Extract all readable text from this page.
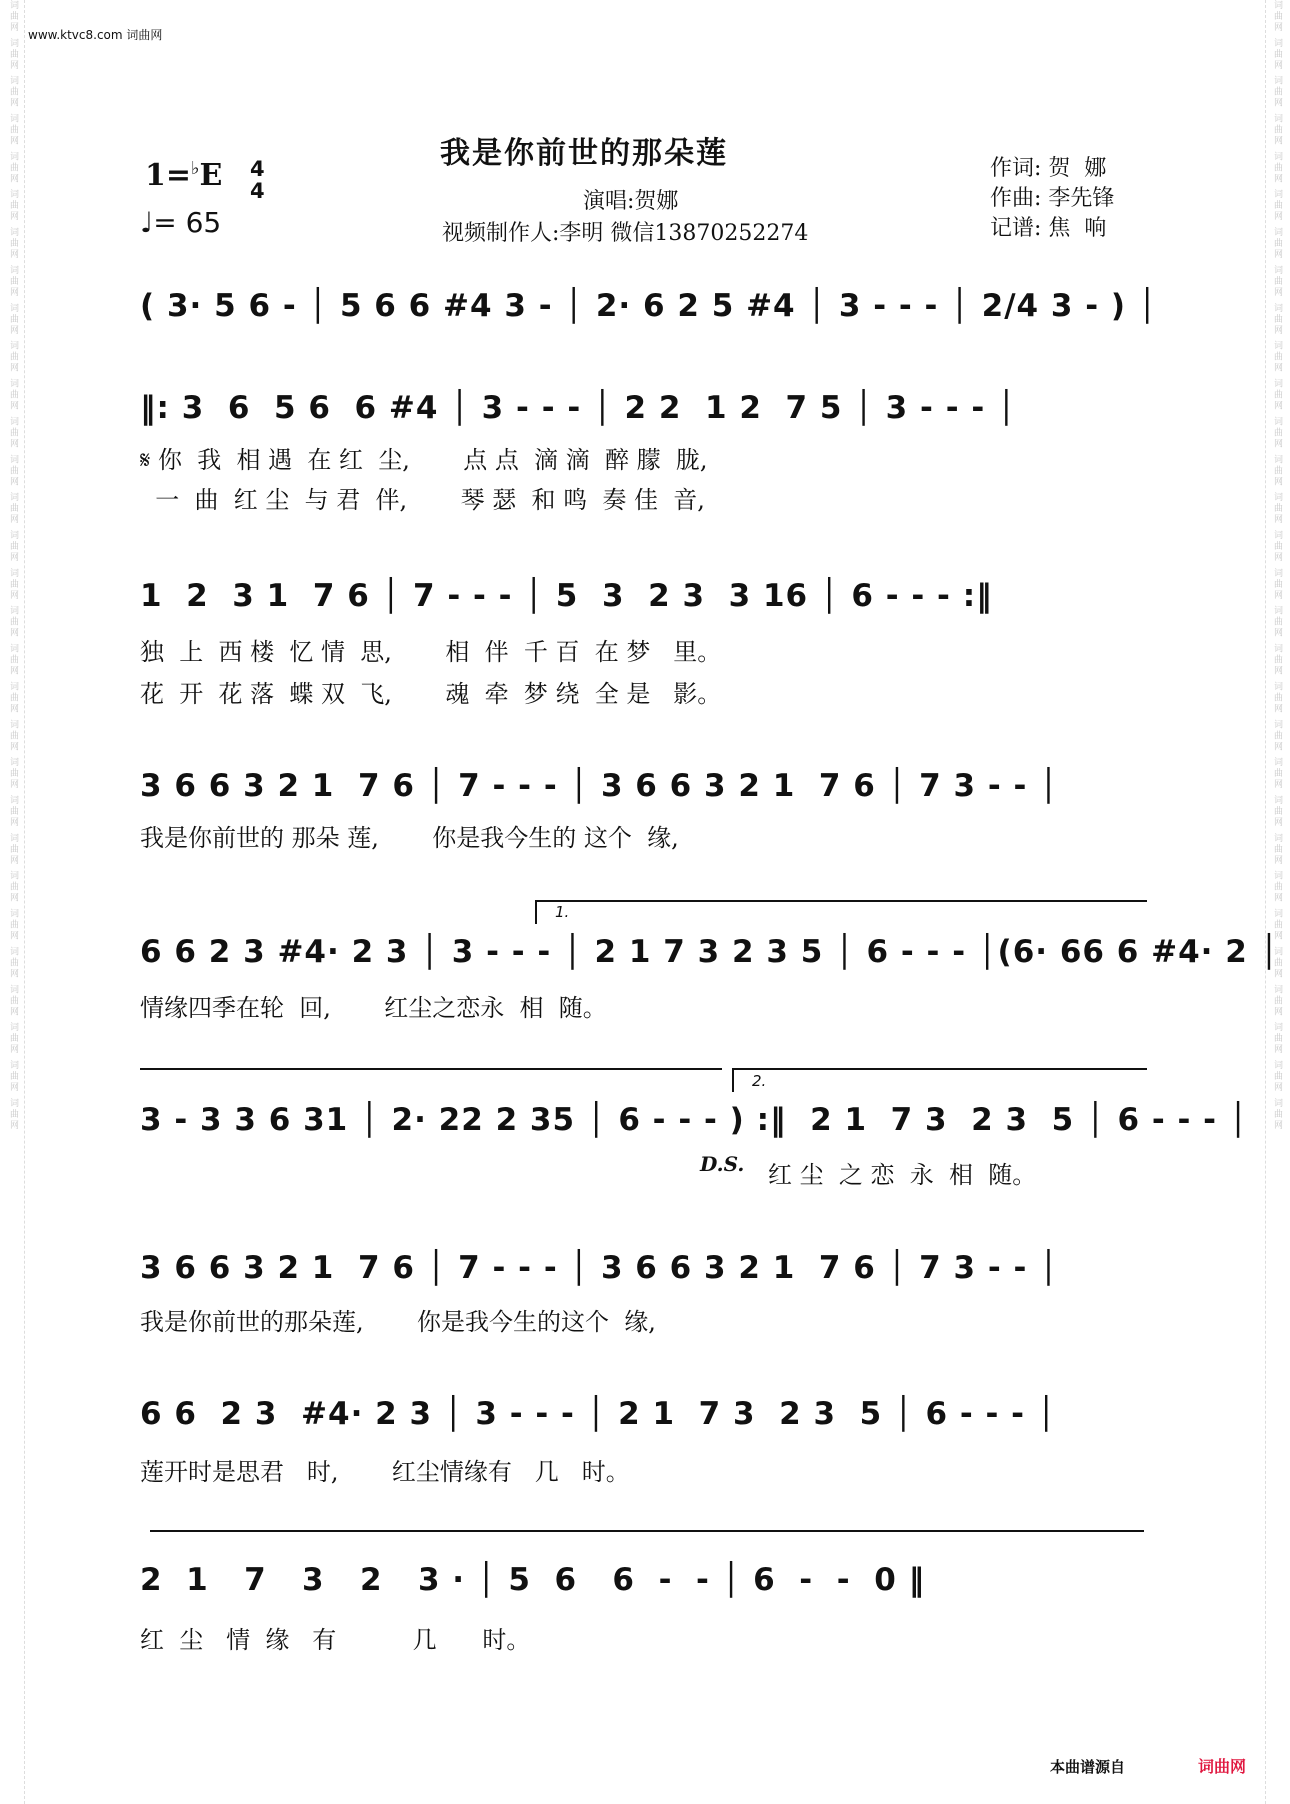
词曲网 词曲网 词曲网 词曲网 词曲网 词曲网 词曲网 词曲网 词曲网 词曲网 词曲网 词曲网 词曲网 词曲网 词曲网 词曲网 词曲网 词曲网 词曲网 词曲网 词曲网 词曲网 词曲网 词曲网 词曲网 词曲网 词曲网 词曲网 词曲网 词曲网	词曲网 词曲网 词曲网 词曲网 词曲网 词曲网 词曲网 词曲网 词曲网 词曲网 词曲网 词曲网 词曲网 词曲网 词曲网 词曲网 词曲网 词曲网 词曲网 词曲网 词曲网 词曲网 词曲网 词曲网 词曲网 词曲网 词曲网 词曲网 词曲网 词曲网
www.ktvc8.com 词曲网
我是你前世的那朵莲
1=♭E 4
4
♩= 65
演唱:贺娜
视频制作人:李明 微信13870252274
作词: 贺  娜
作曲: 李先锋
记谱: 焦  响
( 3· 5 6 - │ 5 6 6 #4 3 - │ 2· 6 2 5 #4 │ 3 - - - │ 2/4 3 - ) │
‖: 3  6  5 6  6 #4 │ 3 - - - │ 2 2  1 2  7 5 │ 3 - - - │
𝄋 你  我  相 遇  在 红  尘,       点 点  滴 滴  醉 朦  胧,
一  曲  红 尘  与 君  伴,       琴 瑟  和 鸣  奏 佳  音,
1  2  3 1  7 6 │ 7 - - - │ 5  3  2 3  3 16 │ 6 - - - :‖
独  上  西 楼  忆 情  思,       相  伴  千 百  在 梦   里。
花  开  花 落  蝶 双  飞,       魂  牵  梦 绕  全 是   影。
3 6 6 3 2 1  7 6 │ 7 - - - │ 3 6 6 3 2 1  7 6 │ 7 3 - - │
我是你前世的 那朵 莲,       你是我今生的 这个  缘,
1.
6 6 2 3 #4· 2 3 │ 3 - - - │ 2 1 7 3 2 3 5 │ 6 - - - │(6· 66 6 #4· 2 │
情缘四季在轮  回,       红尘之恋永  相  随。
2.
3 - 3 3 6 31 │ 2· 22 2 35 │ 6 - - - ) :‖  2 1  7 3  2 3  5 │ 6 - - - │
D.S. 红 尘  之 恋  永  相  随。
3 6 6 3 2 1  7 6 │ 7 - - - │ 3 6 6 3 2 1  7 6 │ 7 3 - - │
我是你前世的那朵莲,       你是我今生的这个  缘,
6 6  2 3  #4· 2 3 │ 3 - - - │ 2 1  7 3  2 3  5 │ 6 - - - │
莲开时是思君   时,       红尘情缘有   几   时。
2  1   7   3   2   3 · │ 5  6   6  -  - │ 6  -  -  0 ‖
红  尘   情  缘   有          几      时。
本曲谱源自	词曲网
